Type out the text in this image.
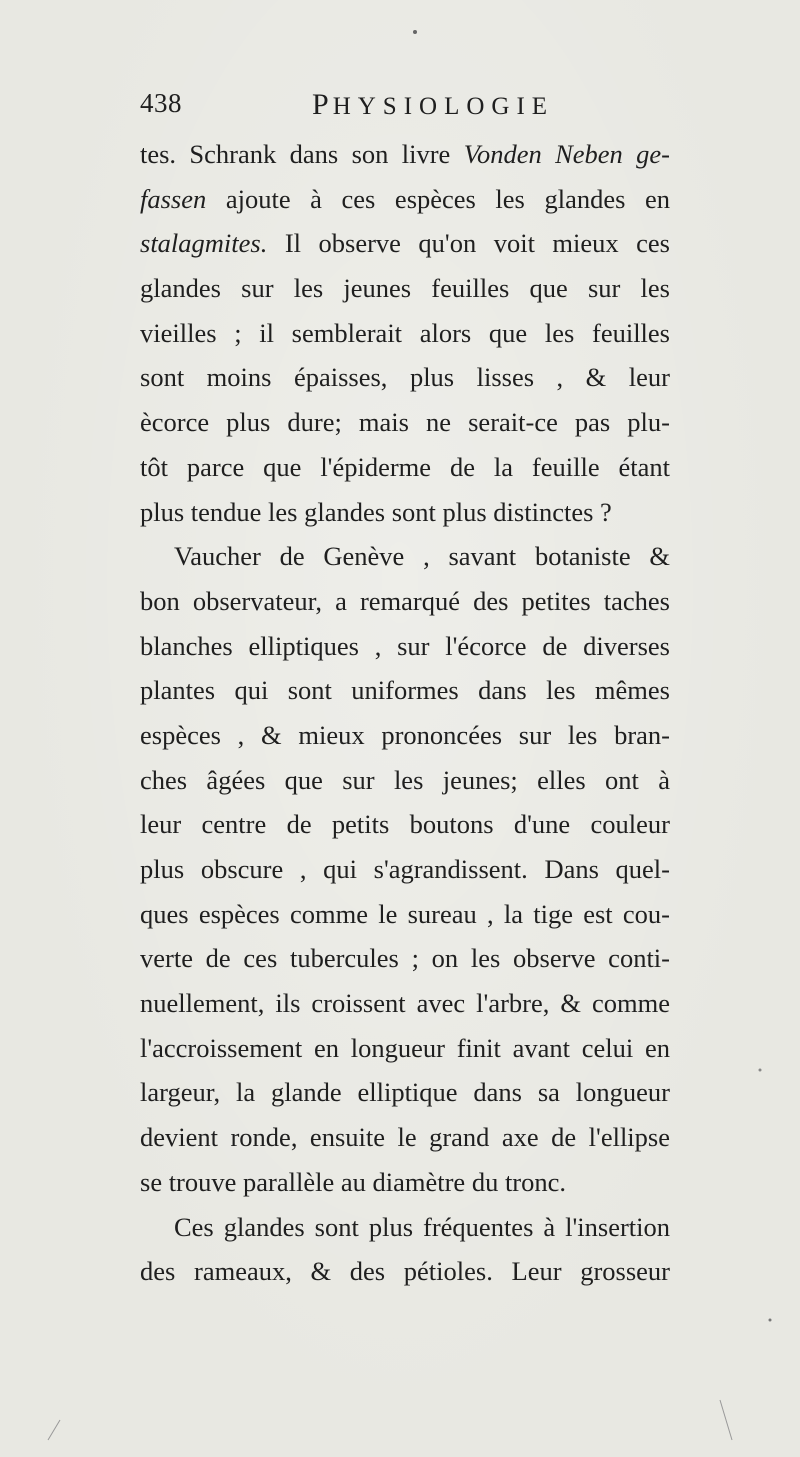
438	PHYSIOLOGIE
tes. Schrank dans son livre Vonden Neben ge-
fassen ajoute à ces espèces les glandes en
stalagmites. Il observe qu'on voit mieux ces
glandes sur les jeunes feuilles que sur les
vieilles ; il semblerait alors que les feuilles
sont moins épaisses, plus lisses , & leur
ècorce plus dure; mais ne serait-ce pas plu-
tôt parce que l'épiderme de la feuille étant
plus tendue les glandes sont plus distinctes ?
Vaucher de Genève , savant botaniste &
bon observateur, a remarqué des petites taches
blanches elliptiques , sur l'écorce de diverses
plantes qui sont uniformes dans les mêmes
espèces , & mieux prononcées sur les bran-
ches âgées que sur les jeunes; elles ont à
leur centre de petits boutons d'une couleur
plus obscure , qui s'agrandissent. Dans quel-
ques espèces comme le sureau , la tige est cou-
verte de ces tubercules ; on les observe conti-
nuellement, ils croissent avec l'arbre, & comme
l'accroissement en longueur finit avant celui en
largeur, la glande elliptique dans sa longueur
devient ronde, ensuite le grand axe de l'ellipse
se trouve parallèle au diamètre du tronc.
Ces glandes sont plus fréquentes à l'insertion
des rameaux, & des pétioles. Leur grosseur
